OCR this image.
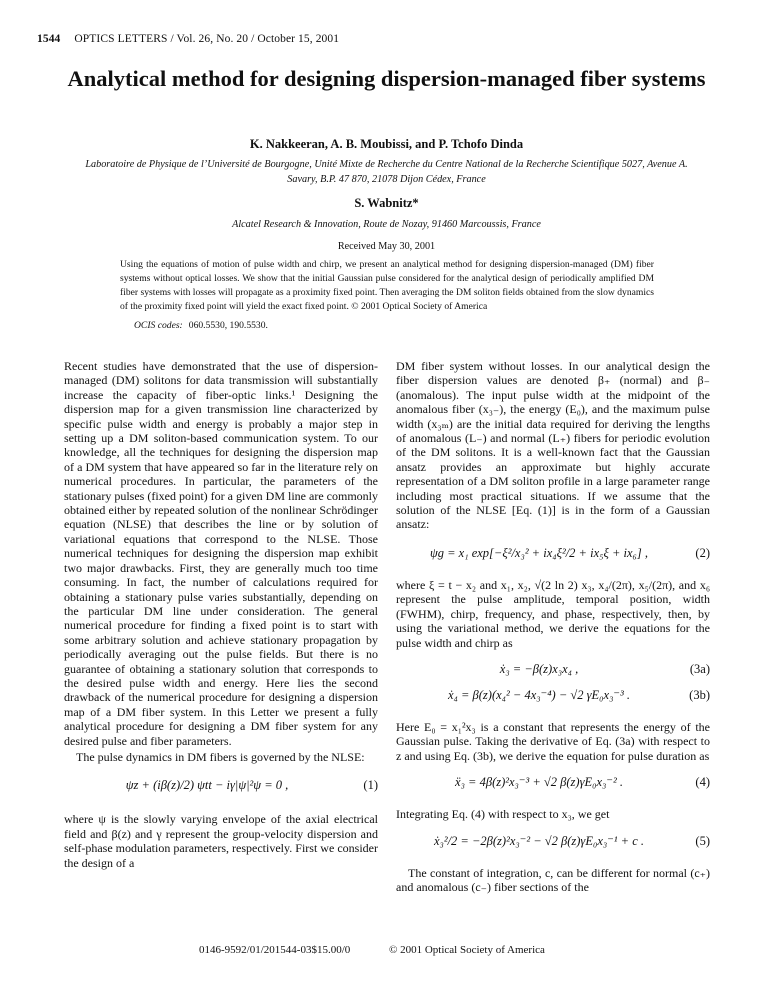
1544 OPTICS LETTERS / Vol. 26, No. 20 / October 15, 2001
Analytical method for designing dispersion-managed fiber systems
K. Nakkeeran, A. B. Moubissi, and P. Tchofo Dinda
Laboratoire de Physique de l’Université de Bourgogne, Unité Mixte de Recherche du Centre National de la Recherche Scientifique 5027, Avenue A. Savary, B.P. 47 870, 21078 Dijon Cédex, France
S. Wabnitz*
Alcatel Research & Innovation, Route de Nozay, 91460 Marcoussis, France
Received May 30, 2001
Using the equations of motion of pulse width and chirp, we present an analytical method for designing dispersion-managed (DM) fiber systems without optical losses. We show that the initial Gaussian pulse considered for the analytical design of periodically amplified DM fiber systems with losses will propagate as a proximity fixed point. Then averaging the DM soliton fields obtained from the slow dynamics of the proximity fixed point will yield the exact fixed point. © 2001 Optical Society of America
OCIS codes: 060.5530, 190.5530.

Recent studies have demonstrated that the use of dispersion-managed (DM) solitons for data transmission will substantially increase the capacity of fiber-optic links.¹ Designing the dispersion map for a given transmission line characterized by specific pulse width and energy is probably a major step in setting up a DM soliton-based communication system. To our knowledge, all the techniques for designing the dispersion map of a DM system that have appeared so far in the literature rely on numerical procedures. In particular, the parameters of the stationary pulses (fixed point) for a given DM line are commonly obtained either by repeated solution of the nonlinear Schrödinger equation (NLSE) that describes the line or by solution of variational equations that correspond to the NLSE. Those numerical techniques for designing the dispersion map exhibit two major drawbacks. First, they are generally much too time consuming. In fact, the number of calculations required for obtaining a stationary pulse varies substantially, depending on the particular DM line under consideration. The general numerical procedure for finding a fixed point is to start with some arbitrary solution and achieve stationary propagation by periodically averaging out the pulse fields. But there is no guarantee of obtaining a stationary solution that corresponds to the desired pulse width and energy. Here lies the second drawback of the numerical procedure for designing a dispersion map of a DM fiber system. In this Letter we present a fully analytical procedure for designing a DM fiber system for any desired pulse and fiber parameters.

The pulse dynamics in DM fibers is governed by the NLSE:

ψz + (iβ(z)/2) ψtt − iγ|ψ|²ψ = 0 ,	(1)

where ψ is the slowly varying envelope of the axial electrical field and β(z) and γ represent the group-velocity dispersion and self-phase modulation parameters, respectively. First we consider the design of a

DM fiber system without losses. In our analytical design the fiber dispersion values are denoted β₊ (normal) and β₋ (anomalous). The input pulse width at the midpoint of the anomalous fiber (x₃₋), the energy (E₀), and the maximum pulse width (x₃ₘ) are the initial data required for deriving the lengths of anomalous (L₋) and normal (L₊) fibers for periodic evolution of the DM solitons. It is a well-known fact that the Gaussian ansatz provides an approximate but highly accurate representation of a DM soliton profile in a large parameter range including most practical situations. If we assume that the solution of the NLSE [Eq. (1)] is in the form of a Gaussian ansatz:

ψg = x₁ exp[−ξ²/x₃² + ix₄ξ²/2 + ix₅ξ + ix₆] ,	(2)

where ξ = t − x₂ and x₁, x₂, √(2 ln 2) x₃, x₄/(2π), x₅/(2π), and x₆ represent the pulse amplitude, temporal position, width (FWHM), chirp, frequency, and phase, respectively, then, by using the variational method, we derive the equations for the pulse width and chirp as

ẋ₃ = −β(z)x₃x₄ ,	(3a)
ẋ₄ = β(z)(x₄² − 4x₃⁻⁴) − √2 γE₀x₃⁻³ .	(3b)

Here E₀ = x₁²x₃ is a constant that represents the energy of the Gaussian pulse. Taking the derivative of Eq. (3a) with respect to z and using Eq. (3b), we derive the equation for pulse duration as

ẍ₃ = 4β(z)²x₃⁻³ + √2 β(z)γE₀x₃⁻² .	(4)

Integrating Eq. (4) with respect to x₃, we get

ẋ₃²/2 = −2β(z)²x₃⁻² − √2 β(z)γE₀x₃⁻¹ + c .	(5)

The constant of integration, c, can be different for normal (c₊) and anomalous (c₋) fiber sections of the

0146-9592/01/201544-03$15.00/0	© 2001 Optical Society of America
